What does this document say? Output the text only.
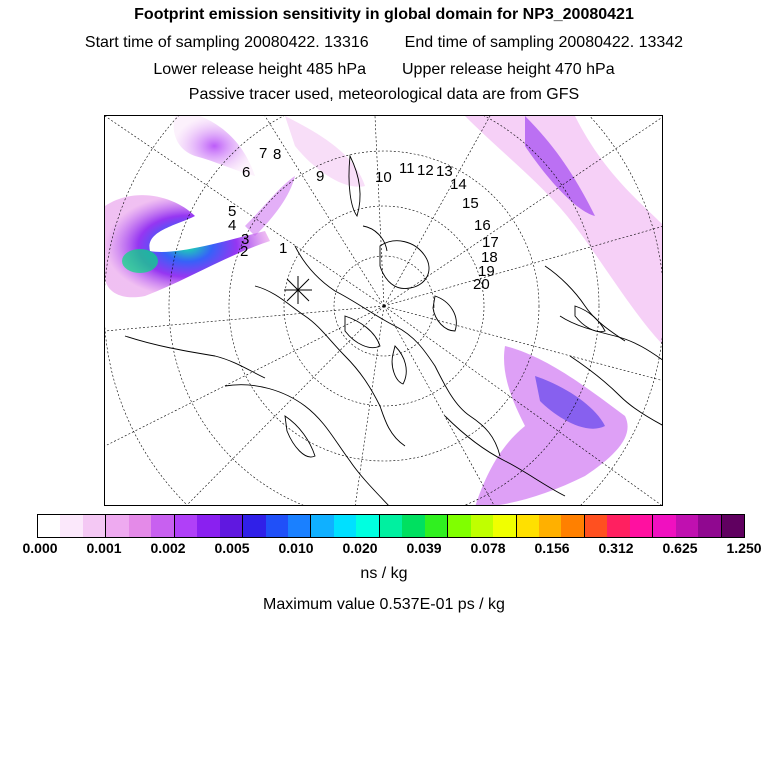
Footprint emission sensitivity in global domain for NP3_20080421
Start time of sampling 20080422. 13316 End time of sampling 20080422. 13342
Lower release height 485 hPa Upper release height 470 hPa
Passive tracer used, meteorological data are from GFS
1
2
3
4
5
6
7 8
9	10
11 12 13
14
15
16
17
18
19
20
0.000 0.001 0.002 0.005 0.010 0.020 0.039 0.078 0.156 0.312 0.625 1.250
ns / kg
Maximum value 0.537E-01 ps / kg
